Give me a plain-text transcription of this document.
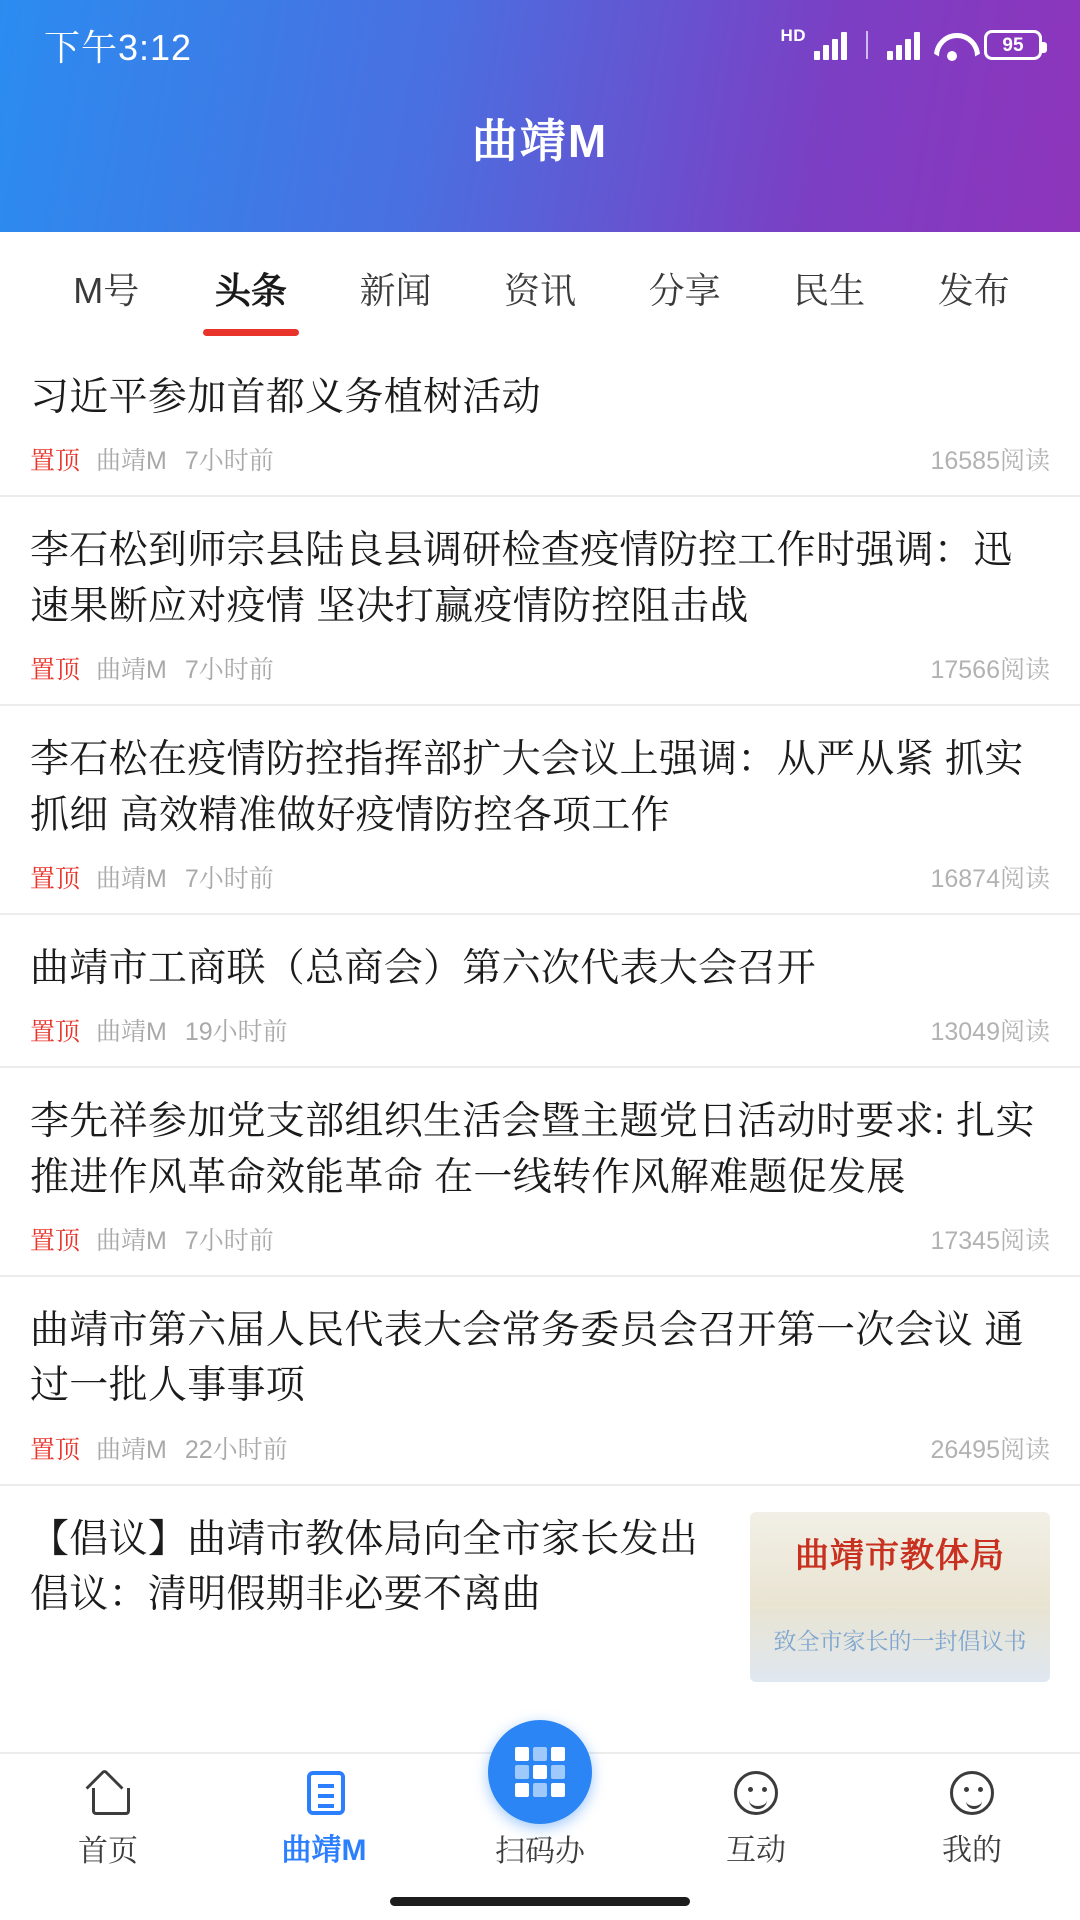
下午3:12	HD	95
曲靖M
M号 头条 新闻 资讯 分享 民生 发布
习近平参加首都义务植树活动
置顶 曲靖M 7小时前	16585阅读
李石松到师宗县陆良县调研检查疫情防控工作时强调：迅速果断应对疫情 坚决打赢疫情防控阻击战
置顶 曲靖M 7小时前	17566阅读
李石松在疫情防控指挥部扩大会议上强调：从严从紧 抓实抓细 高效精准做好疫情防控各项工作
置顶 曲靖M 7小时前	16874阅读
曲靖市工商联（总商会）第六次代表大会召开
置顶 曲靖M 19小时前	13049阅读
李先祥参加党支部组织生活会暨主题党日活动时要求: 扎实推进作风革命效能革命 在一线转作风解难题促发展
置顶 曲靖M 7小时前	17345阅读
曲靖市第六届人民代表大会常务委员会召开第一次会议 通过一批人事事项
置顶 曲靖M 22小时前	26495阅读
【倡议】曲靖市教体局向全市家长发出倡议：清明假期非必要不离曲
曲靖市教体局
致全市家长的一封倡议书
首页	曲靖M	扫码办	互动	我的
